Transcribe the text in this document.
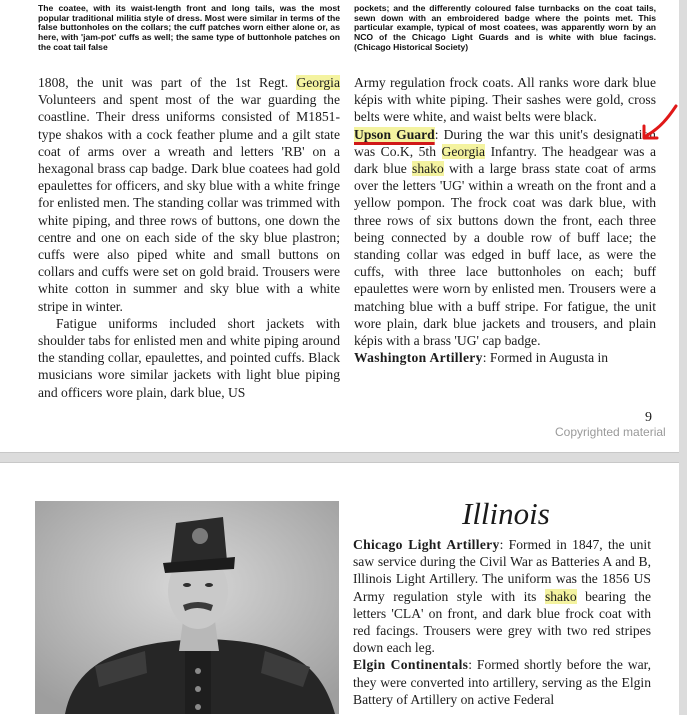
The coatee, with its waist-length front and long tails, was the most popular traditional militia style of dress. Most were similar in terms of the false buttonholes on the collars; the cuff patches worn either alone or, as here, with 'jam-pot' cuffs as well; the same type of buttonhole patches on the coat tail false
pockets; and the differently coloured false turnbacks on the coat tails, sewn down with an embroidered badge where the points met. This particular example, typical of most coatees, was apparently worn by an NCO of the Chicago Light Guards and is white with blue facings. (Chicago Historical Society)

1808, the unit was part of the 1st Regt. Georgia Volunteers and spent most of the war guarding the coastline. Their dress uniforms consisted of M1851-type shakos with a cock feather plume and a gilt state coat of arms over a wreath and letters 'RB' on a hexagonal brass cap badge. Dark blue coatees had gold epaulettes for officers, and sky blue with a white fringe for enlisted men. The standing collar was trimmed with white piping, and three rows of buttons, one down the centre and one on each side of the sky blue plastron; cuffs were also piped white and small buttons on collars and cuffs were set on gold braid. Trousers were white cotton in summer and sky blue with a white stripe in winter.

Fatigue uniforms included short jackets with shoulder tabs for enlisted men and white piping around the standing collar, epaulettes, and pointed cuffs. Black musicians wore similar jackets with light blue piping and officers wore plain, dark blue, US

Army regulation frock coats. All ranks wore dark blue képis with white piping. Their sashes were gold, cross belts were white, and waist belts were black.

Upson Guard: During the war this unit's designation was Co.K, 5th Georgia Infantry. The headgear was a dark blue shako with a large brass state coat of arms over the letters 'UG' within a wreath on the front and a yellow pompon. The frock coat was dark blue, with three rows of six buttons down the front, each three being connected by a double row of buff lace; the standing collar was edged in buff lace, as were the cuffs, with three lace buttonholes on each; buff epaulettes were worn by enlisted men. Trousers were a matching blue with a buff stripe. For fatigue, the unit wore plain, dark blue jackets and trousers, and plain képis with a brass 'UG' cap badge.

Washington Artillery: Formed in Augusta in

9
Copyrighted material
Illinois

Chicago Light Artillery: Formed in 1847, the unit saw service during the Civil War as Batteries A and B, Illinois Light Artillery. The uniform was the 1856 US Army regulation style with its shako bearing the letters 'CLA' on front, and dark blue frock coat with red facings. Trousers were grey with two red stripes down each leg.

Elgin Continentals: Formed shortly before the war, they were converted into artillery, serving as the Elgin Battery of Artillery on active Federal
